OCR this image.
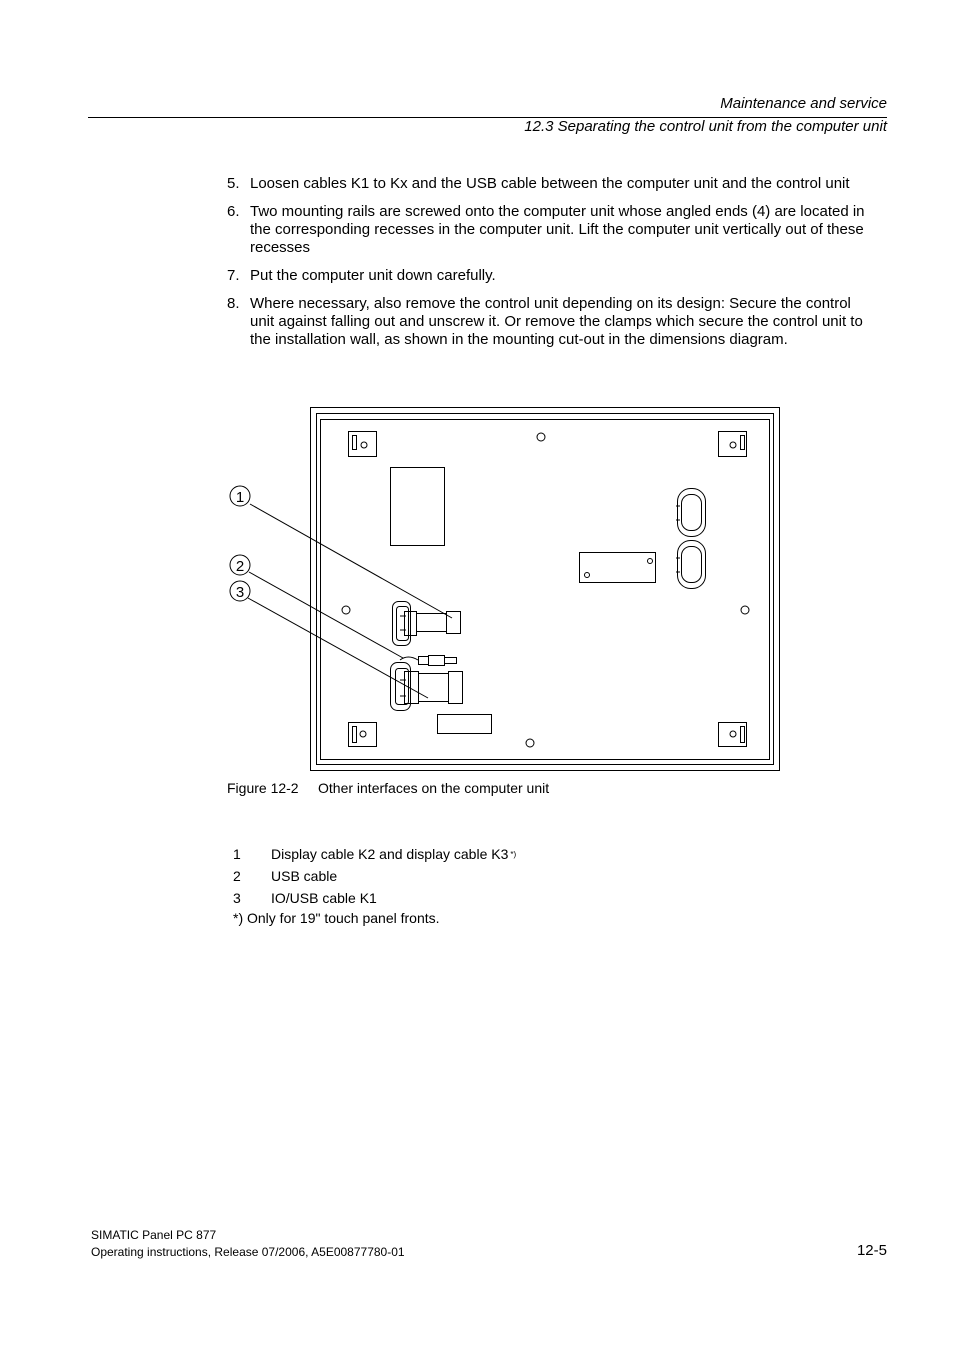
Maintenance and service
12.3 Separating the control unit from the computer unit
5. Loosen cables K1 to Kx and the USB cable between the computer unit and the control unit
6. Two mounting rails are screwed onto the computer unit whose angled ends (4) are located in the corresponding recesses in the computer unit. Lift the computer unit vertically out of these recesses
7. Put the computer unit down carefully.
8. Where necessary, also remove the control unit depending on its design: Secure the control unit against falling out and unscrew it. Or remove the clamps which secure the control unit to the installation wall, as shown in the mounting cut-out in the dimensions diagram.
1
2
3
Figure 12-2 Other interfaces on the computer unit
1	Display cable K2 and display cable K3 *)
2	USB cable
3	IO/USB cable K1
*) Only for 19" touch panel fronts.
SIMATIC Panel PC 877
Operating instructions, Release 07/2006, A5E00877780-01	12-5
